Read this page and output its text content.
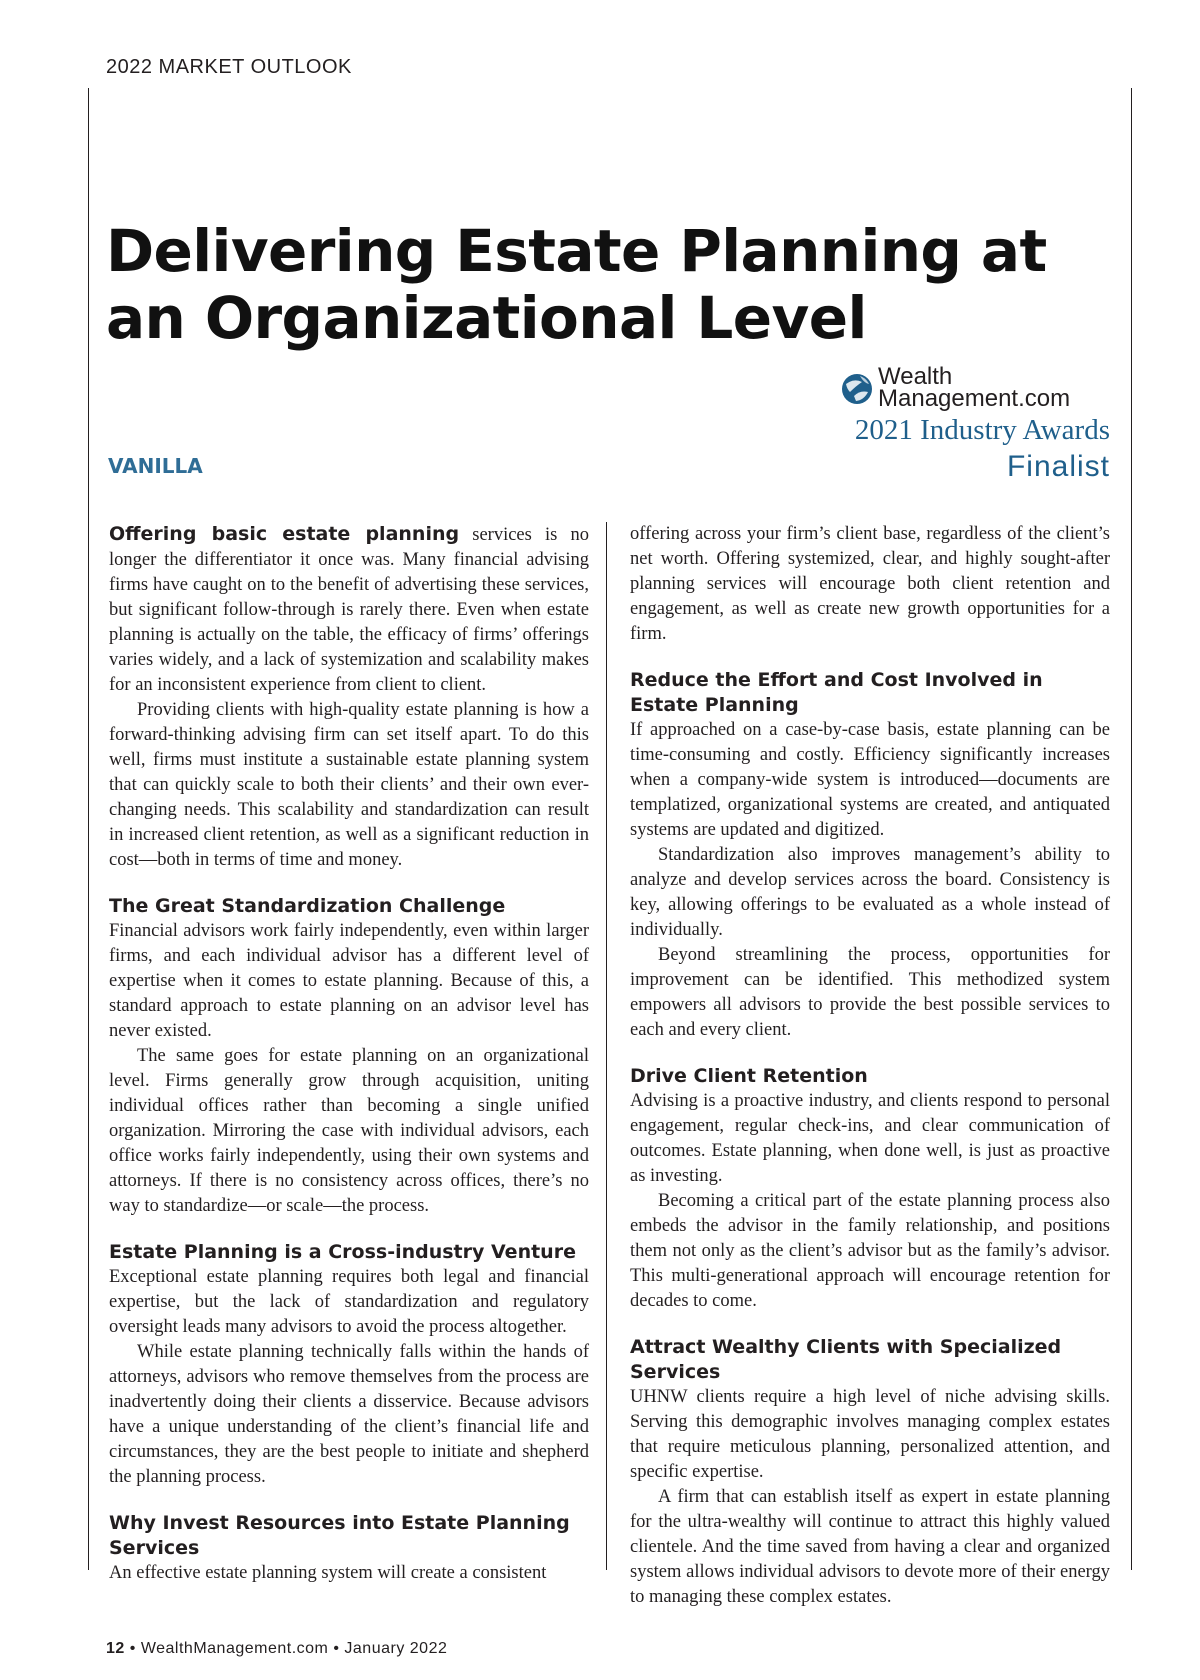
2022 MARKET OUTLOOK
Delivering Estate Planning at an Organizational Level
Wealth
Management.com
2021 Industry Awards
Finalist
VANILLA

Offering basic estate planning services is no longer the differentiator it once was. Many financial advising firms have caught on to the benefit of advertising these services, but significant follow-through is rarely there. Even when estate planning is actually on the table, the efficacy of firms’ offerings varies widely, and a lack of systemization and scalability makes for an inconsistent experience from client to client.

Providing clients with high-quality estate planning is how a forward-thinking advising firm can set itself apart. To do this well, firms must institute a sustainable estate planning system that can quickly scale to both their clients’ and their own ever-changing needs. This scalability and standardization can result in increased client retention, as well as a significant reduction in cost—both in terms of time and money.

The Great Standardization Challenge

Financial advisors work fairly independently, even within larger firms, and each individual advisor has a different level of expertise when it comes to estate planning. Because of this, a standard approach to estate planning on an advisor level has never existed.

The same goes for estate planning on an organizational level. Firms generally grow through acquisition, uniting individual offices rather than becoming a single unified organization. Mirroring the case with individual advisors, each office works fairly independently, using their own systems and attorneys. If there is no consistency across offices, there’s no way to standardize—or scale—the process.

Estate Planning is a Cross-industry Venture

Exceptional estate planning requires both legal and financial expertise, but the lack of standardization and regulatory oversight leads many advisors to avoid the process altogether.

While estate planning technically falls within the hands of attorneys, advisors who remove themselves from the process are inadvertently doing their clients a disservice. Because advisors have a unique understanding of the client’s financial life and circumstances, they are the best people to initiate and shepherd the planning process.

Why Invest Resources into Estate Planning Services

An effective estate planning system will create a consistent

offering across your firm’s client base, regardless of the client’s net worth. Offering systemized, clear, and highly sought-after planning services will encourage both client retention and engagement, as well as create new growth opportunities for a firm.

Reduce the Effort and Cost Involved in Estate Planning

If approached on a case-by-case basis, estate planning can be time-consuming and costly. Efficiency significantly increases when a company-wide system is introduced—documents are templatized, organizational systems are created, and antiquated systems are updated and digitized.

Standardization also improves management’s ability to analyze and develop services across the board. Consistency is key, allowing offerings to be evaluated as a whole instead of individually.

Beyond streamlining the process, opportunities for improvement can be identified. This methodized system empowers all advisors to provide the best possible services to each and every client.

Drive Client Retention

Advising is a proactive industry, and clients respond to personal engagement, regular check-ins, and clear communication of outcomes. Estate planning, when done well, is just as proactive as investing.

Becoming a critical part of the estate planning process also embeds the advisor in the family relationship, and positions them not only as the client’s advisor but as the family’s advisor. This multi-generational approach will encourage retention for decades to come.

Attract Wealthy Clients with Specialized Services

UHNW clients require a high level of niche advising skills. Serving this demographic involves managing complex estates that require meticulous planning, personalized attention, and specific expertise.

A firm that can establish itself as expert in estate planning for the ultra-wealthy will continue to attract this highly valued clientele. And the time saved from having a clear and organized system allows individual advisors to devote more of their energy to managing these complex estates.

12 • WealthManagement.com • January 2022
